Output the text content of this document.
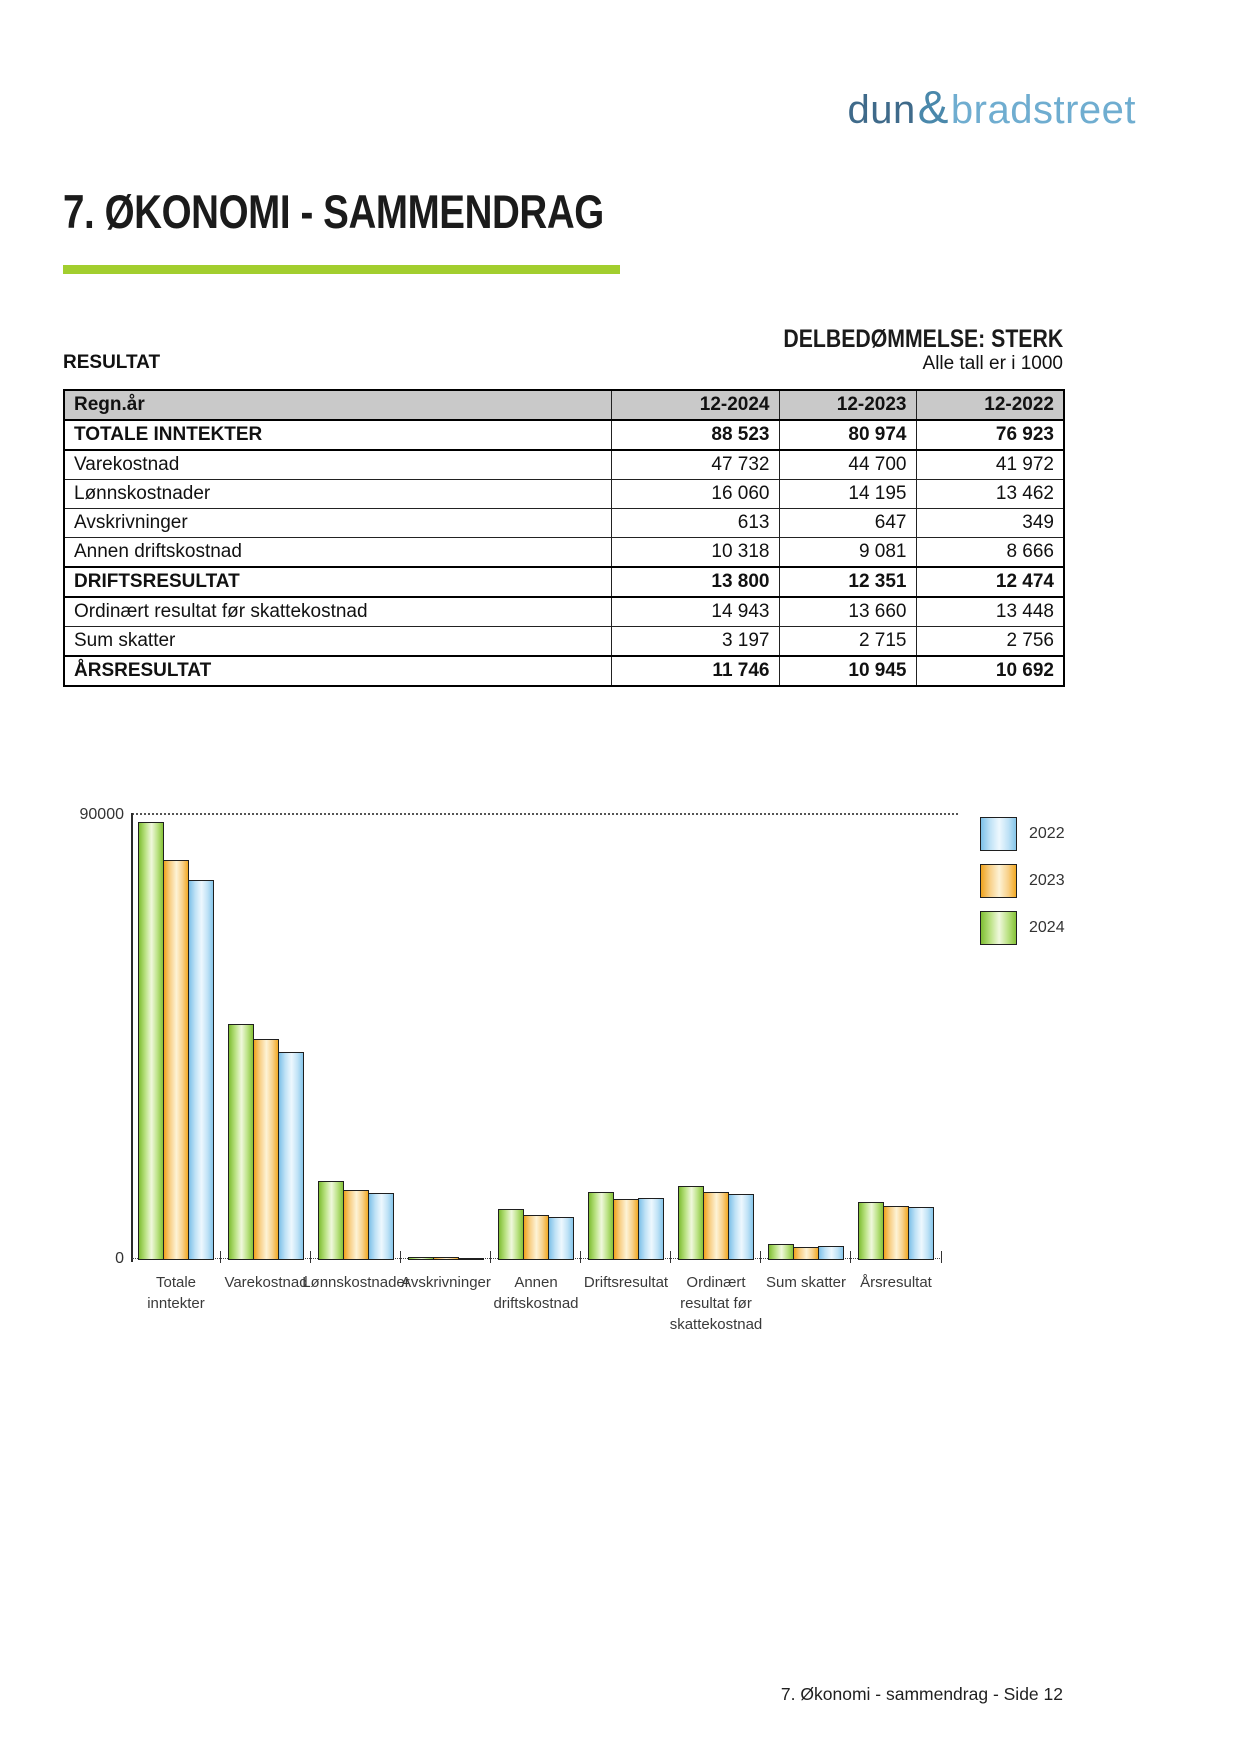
dun & bradstreet
7. ØKONOMI - SAMMENDRAG
DELBEDØMMELSE: STERK
RESULTAT	Alle tall er i 1000
Regn.år	12-2024	12-2023	12-2022
TOTALE INNTEKTER	88 523	80 974	76 923
Varekostnad	47 732	44 700	41 972
Lønnskostnader	16 060	14 195	13 462
Avskrivninger	613	647	349
Annen driftskostnad	10 318	9 081	8 666
DRIFTSRESULTAT	13 800	12 351	12 474
Ordinært resultat før skattekostnad	14 943	13 660	13 448
Sum skatter	3 197	2 715	2 756
ÅRSRESULTAT	11 746	10 945	10 692
90000
0
2022
2023
2024
Totale
inntekter
Varekostnad
Lønnskostnader
Avskrivninger	Annen
driftskostnad
Driftsresultat	Ordinært
resultat før
skattekostnad
Sum skatter Årsresultat
7. Økonomi - sammendrag - Side 12
